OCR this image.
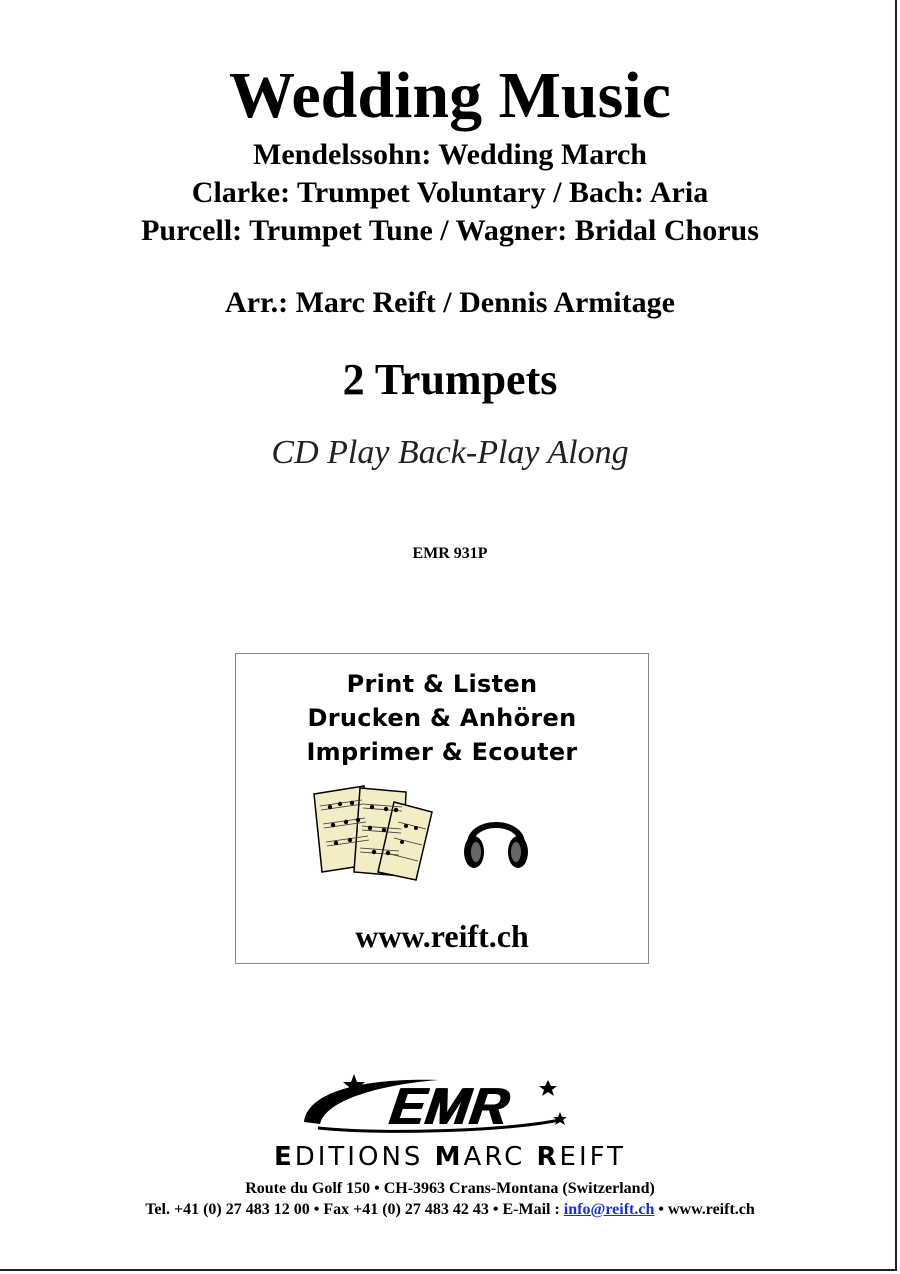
Wedding Music
Mendelssohn: Wedding March
Clarke: Trumpet Voluntary / Bach: Aria
Purcell: Trumpet Tune / Wagner: Bridal Chorus
Arr.: Marc Reift / Dennis Armitage
2 Trumpets
CD Play Back-Play Along
EMR 931P
Print & Listen
Drucken & Anhören
Imprimer & Ecouter
www.reift.ch
EMR
EDITIONS MARC REIFT
Route du Golf 150 • CH-3963 Crans-Montana (Switzerland)
Tel. +41 (0) 27 483 12 00 • Fax +41 (0) 27 483 42 43 • E-Mail : info@reift.ch • www.reift.ch
